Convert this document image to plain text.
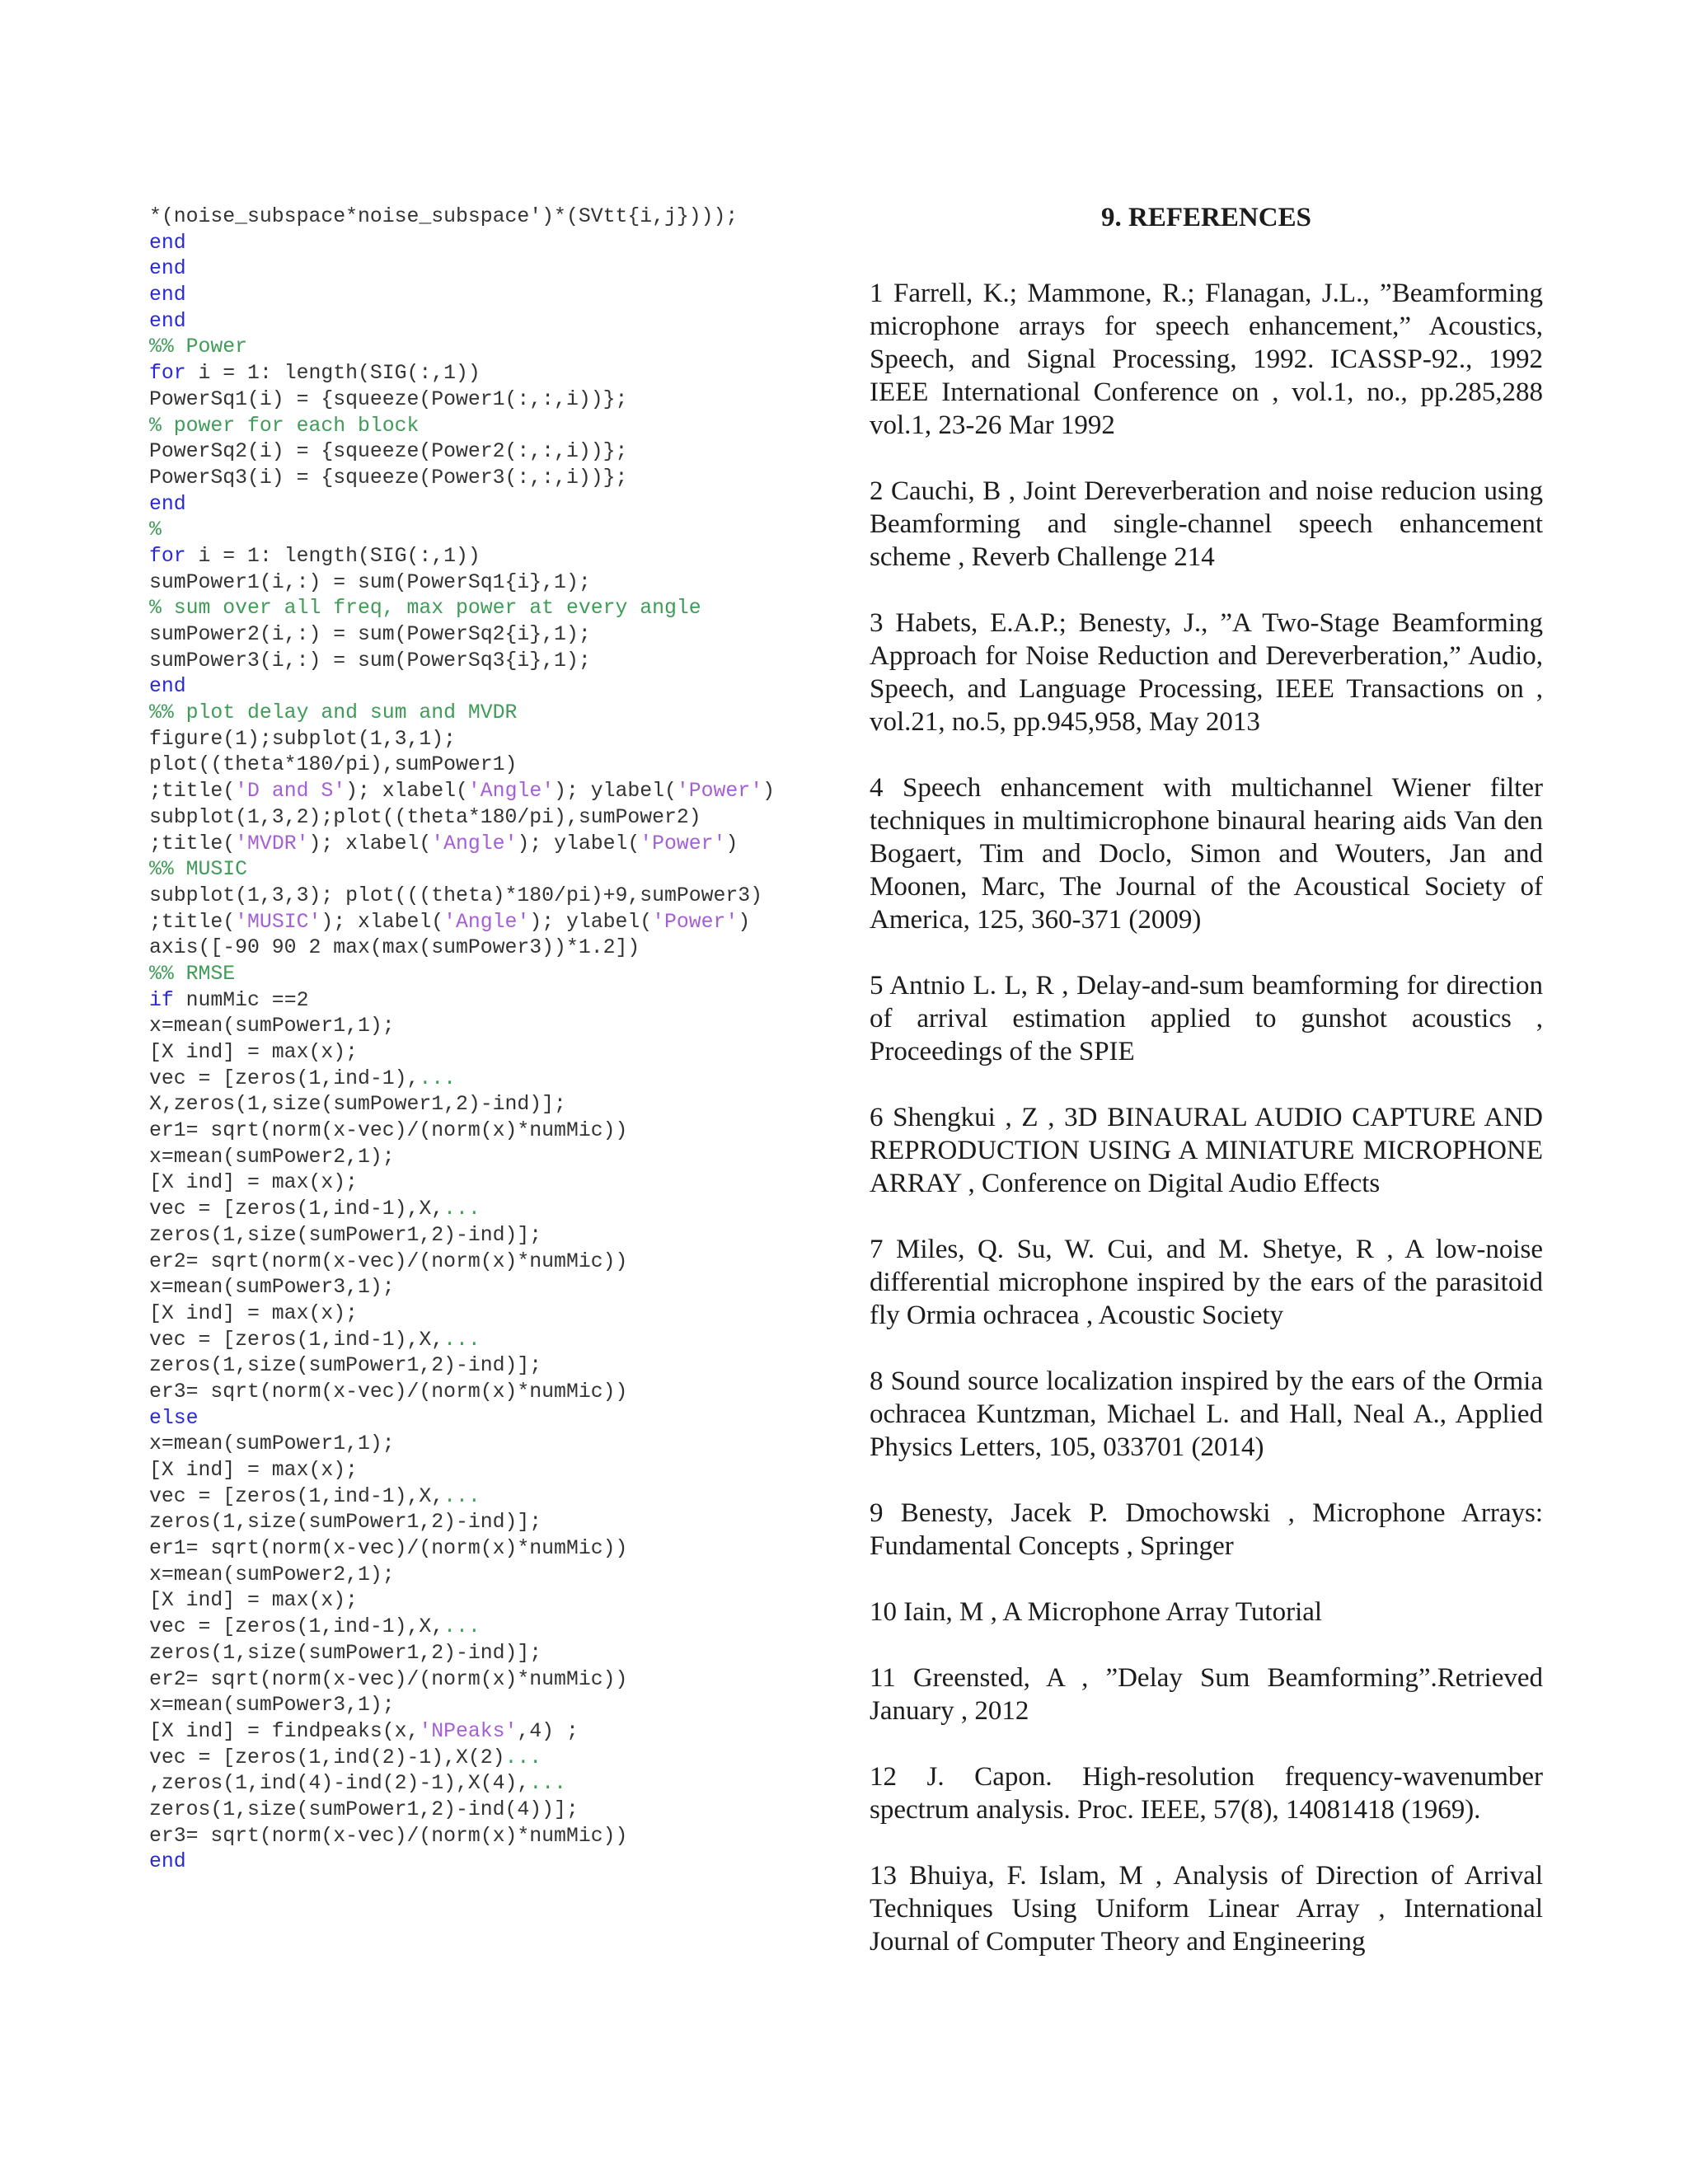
*(noise_subspace*noise_subspace')*(SVtt{i,j})));
end
end
end
end
%% Power
for i = 1: length(SIG(:,1))
PowerSq1(i) = {squeeze(Power1(:,:,i))};
% power for each block
PowerSq2(i) = {squeeze(Power2(:,:,i))};
PowerSq3(i) = {squeeze(Power3(:,:,i))};
end
%
for i = 1: length(SIG(:,1))
sumPower1(i,:) = sum(PowerSq1{i},1);
% sum over all freq, max power at every angle
sumPower2(i,:) = sum(PowerSq2{i},1);
sumPower3(i,:) = sum(PowerSq3{i},1);
end
%% plot delay and sum and MVDR
figure(1);subplot(1,3,1);
plot((theta*180/pi),sumPower1)
;title('D and S'); xlabel('Angle'); ylabel('Power')
subplot(1,3,2);plot((theta*180/pi),sumPower2)
;title('MVDR'); xlabel('Angle'); ylabel('Power')
%% MUSIC
subplot(1,3,3); plot(((theta)*180/pi)+9,sumPower3)
;title('MUSIC'); xlabel('Angle'); ylabel('Power')
axis([-90 90 2 max(max(sumPower3))*1.2])
%% RMSE
if numMic ==2
x=mean(sumPower1,1);
[X ind] = max(x);
vec = [zeros(1,ind-1),...
X,zeros(1,size(sumPower1,2)-ind)];
er1= sqrt(norm(x-vec)/(norm(x)*numMic))
x=mean(sumPower2,1);
[X ind] = max(x);
vec = [zeros(1,ind-1),X,...
zeros(1,size(sumPower1,2)-ind)];
er2= sqrt(norm(x-vec)/(norm(x)*numMic))
x=mean(sumPower3,1);
[X ind] = max(x);
vec = [zeros(1,ind-1),X,...
zeros(1,size(sumPower1,2)-ind)];
er3= sqrt(norm(x-vec)/(norm(x)*numMic))
else
x=mean(sumPower1,1);
[X ind] = max(x);
vec = [zeros(1,ind-1),X,...
zeros(1,size(sumPower1,2)-ind)];
er1= sqrt(norm(x-vec)/(norm(x)*numMic))
x=mean(sumPower2,1);
[X ind] = max(x);
vec = [zeros(1,ind-1),X,...
zeros(1,size(sumPower1,2)-ind)];
er2= sqrt(norm(x-vec)/(norm(x)*numMic))
x=mean(sumPower3,1);
[X ind] = findpeaks(x,'NPeaks',4) ;
vec = [zeros(1,ind(2)-1),X(2)...
,zeros(1,ind(4)-ind(2)-1),X(4),...
zeros(1,size(sumPower1,2)-ind(4))];
er3= sqrt(norm(x-vec)/(norm(x)*numMic))
end
9. REFERENCES
1 Farrell, K.; Mammone, R.; Flanagan, J.L., ”Beamforming microphone arrays for speech enhancement,” Acoustics, Speech, and Signal Processing, 1992. ICASSP-92., 1992 IEEE International Conference on , vol.1, no., pp.285,288 vol.1, 23-26 Mar 1992
2 Cauchi, B , Joint Dereverberation and noise reducion using Beamforming and single-channel speech enhancement scheme , Reverb Challenge 214
3 Habets, E.A.P.; Benesty, J., ”A Two-Stage Beamforming Approach for Noise Reduction and Dereverberation,” Audio, Speech, and Language Processing, IEEE Transactions on , vol.21, no.5, pp.945,958, May 2013
4 Speech enhancement with multichannel Wiener filter techniques in multimicrophone binaural hearing aids Van den Bogaert, Tim and Doclo, Simon and Wouters, Jan and Moonen, Marc, The Journal of the Acoustical Society of America, 125, 360-371 (2009)
5 Antnio L. L, R , Delay-and-sum beamforming for direction of arrival estimation applied to gunshot acoustics , Proceedings of the SPIE
6 Shengkui , Z , 3D BINAURAL AUDIO CAPTURE AND REPRODUCTION USING A MINIATURE MICROPHONE ARRAY , Conference on Digital Audio Effects
7 Miles, Q. Su, W. Cui, and M. Shetye, R , A low-noise differential microphone inspired by the ears of the parasitoid fly Ormia ochracea , Acoustic Society
8 Sound source localization inspired by the ears of the Ormia ochracea Kuntzman, Michael L. and Hall, Neal A., Applied Physics Letters, 105, 033701 (2014)
9 Benesty, Jacek P. Dmochowski , Microphone Arrays: Fundamental Concepts , Springer
10 Iain, M , A Microphone Array Tutorial
11 Greensted, A , ”Delay Sum Beamforming”.Retrieved January , 2012
12 J. Capon. High-resolution frequency-wavenumber spectrum analysis. Proc. IEEE, 57(8), 14081418 (1969).
13 Bhuiya, F. Islam, M , Analysis of Direction of Arrival Techniques Using Uniform Linear Array , International Journal of Computer Theory and Engineering
